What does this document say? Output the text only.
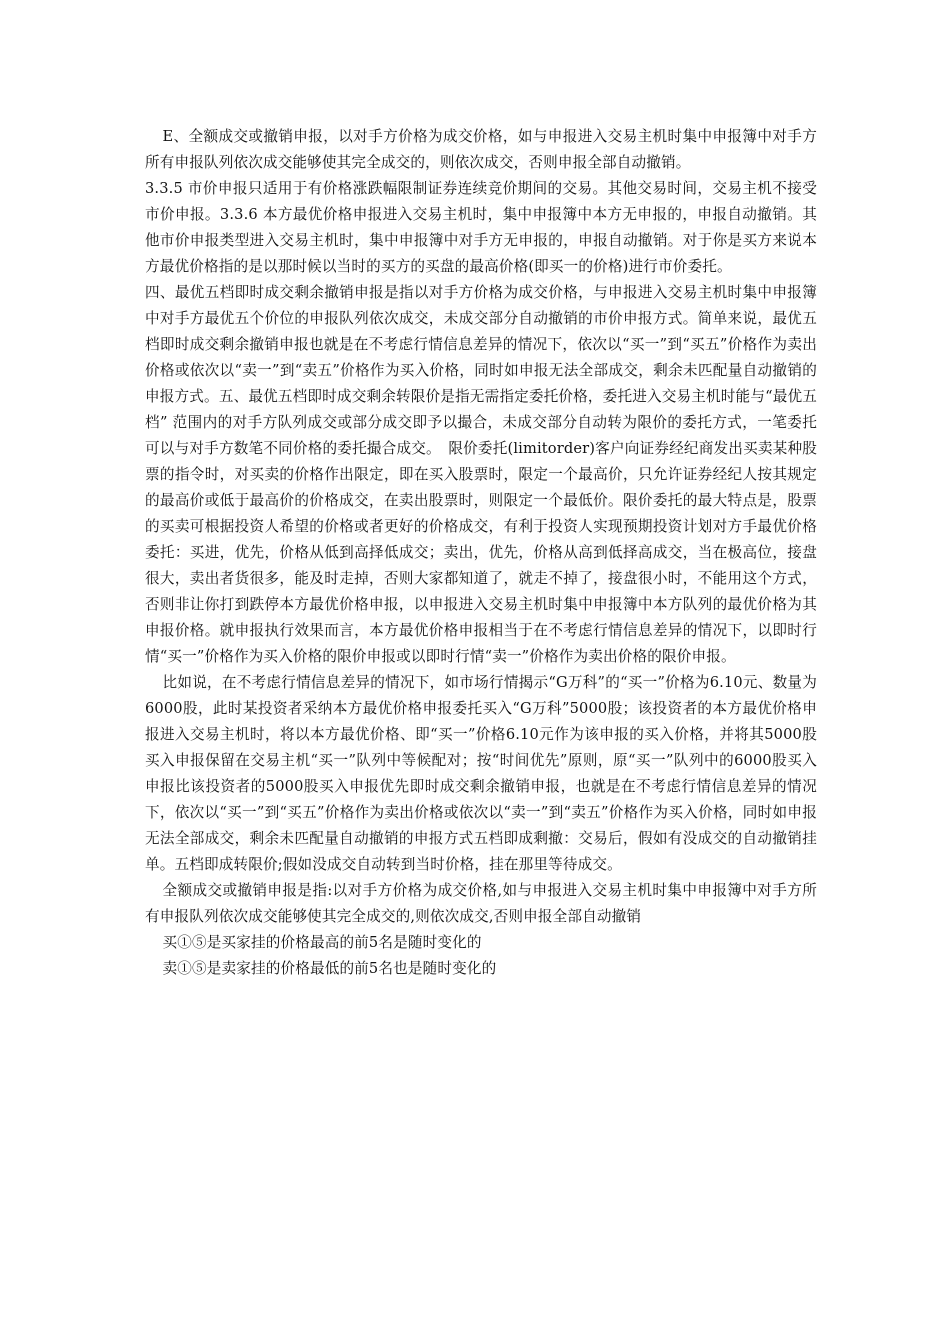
E、全额成交或撤销申报，以对手方价格为成交价格，如与申报进入交易主机时集中申报簿中对手方所有申报队列依次成交能够使其完全成交的，则依次成交，否则申报全部自动撤销。

3.3.5 市价申报只适用于有价格涨跌幅限制证券连续竞价期间的交易。其他交易时间，交易主机不接受市价申报。3.3.6 本方最优价格申报进入交易主机时，集中申报簿中本方无申报的，申报自动撤销。其他市价申报类型进入交易主机时，集中申报簿中对手方无申报的，申报自动撤销。对于你是买方来说本方最优价格指的是以那时候以当时的买方的买盘的最高价格(即买一的价格)进行市价委托。

四、最优五档即时成交剩余撤销申报是指以对手方价格为成交价格，与申报进入交易主机时集中申报簿中对手方最优五个价位的申报队列依次成交，未成交部分自动撤销的市价申报方式。简单来说，最优五档即时成交剩余撤销申报也就是在不考虑行情信息差异的情况下，依次以“买一”到“买五”价格作为卖出价格或依次以“卖一”到“卖五”价格作为买入价格，同时如申报无法全部成交，剩余未匹配量自动撤销的申报方式。五、最优五档即时成交剩余转限价是指无需指定委托价格，委托进入交易主机时能与“最优五档” 范围内的对手方队列成交或部分成交即予以撮合，未成交部分自动转为限价的委托方式，一笔委托可以与对手方数笔不同价格的委托撮合成交。　限价委托(limitorder)客户向证券经纪商发出买卖某种股票的指令时，对买卖的价格作出限定，即在买入股票时，限定一个最高价，只允许证券经纪人按其规定的最高价或低于最高价的价格成交，在卖出股票时，则限定一个最低价。限价委托的最大特点是，股票的买卖可根据投资人希望的价格或者更好的价格成交，有利于投资人实现预期投资计划对方手最优价格委托：买进，优先，价格从低到高择低成交；卖出，优先，价格从高到低择高成交，当在极高位，接盘很大，卖出者货很多，能及时走掉，否则大家都知道了，就走不掉了，接盘很小时，不能用这个方式，否则非让你打到跌停本方最优价格申报，以申报进入交易主机时集中申报簿中本方队列的最优价格为其申报价格。就申报执行效果而言，本方最优价格申报相当于在不考虑行情信息差异的情况下，以即时行情“买一”价格作为买入价格的限价申报或以即时行情“卖一”价格作为卖出价格的限价申报。

比如说，在不考虑行情信息差异的情况下，如市场行情揭示“G万科”的“买一”价格为6.10元、数量为6000股，此时某投资者采纳本方最优价格申报委托买入“G万科”5000股；该投资者的本方最优价格申报进入交易主机时，将以本方最优价格、即“买一”价格6.10元作为该申报的买入价格，并将其5000股买入申报保留在交易主机“买一”队列中等候配对；按“时间优先”原则，原“买一”队列中的6000股买入申报比该投资者的5000股买入申报优先即时成交剩余撤销申报，也就是在不考虑行情信息差异的情况下，依次以“买一”到“买五”价格作为卖出价格或依次以“卖一”到“卖五”价格作为买入价格，同时如申报无法全部成交，剩余未匹配量自动撤销的申报方式五档即成剩撤：交易后，假如有没成交的自动撤销挂单。五档即成转限价;假如没成交自动转到当时价格，挂在那里等待成交。

全额成交或撤销申报是指:以对手方价格为成交价格,如与申报进入交易主机时集中申报簿中对手方所有申报队列依次成交能够使其完全成交的,则依次成交,否则申报全部自动撤销

买①⑤是买家挂的价格最高的前5名是随时变化的

卖①⑤是卖家挂的价格最低的前5名也是随时变化的
